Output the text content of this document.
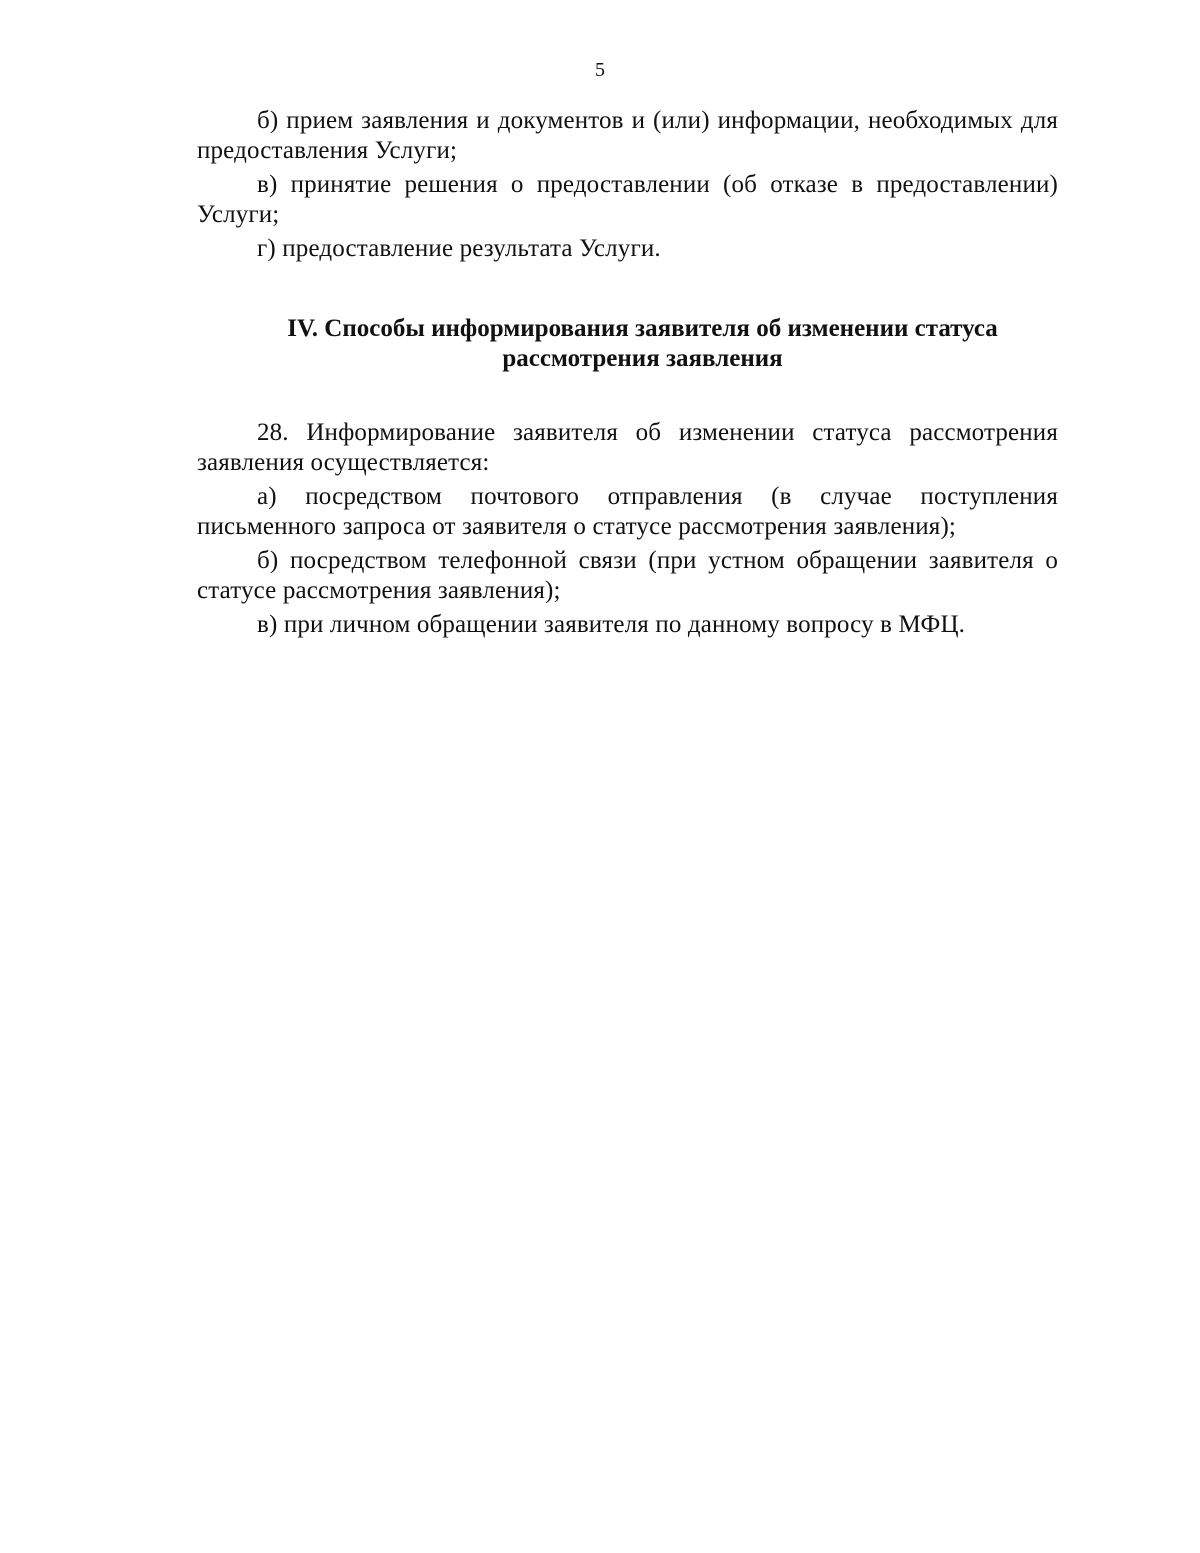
5

б) прием заявления и документов и (или) информации, необходимых для предоставления Услуги;

в) принятие решения о предоставлении (об отказе в предоставлении) Услуги;

г) предоставление результата Услуги.

IV. Способы информирования заявителя об изменении статуса
рассмотрения заявления

28. Информирование заявителя об изменении статуса рассмотрения заявления осуществляется:

а) посредством почтового отправления (в случае поступления письменного запроса от заявителя о статусе рассмотрения заявления);

б) посредством телефонной связи (при устном обращении заявителя о статусе рассмотрения заявления);

в) при личном обращении заявителя по данному вопросу в МФЦ.
